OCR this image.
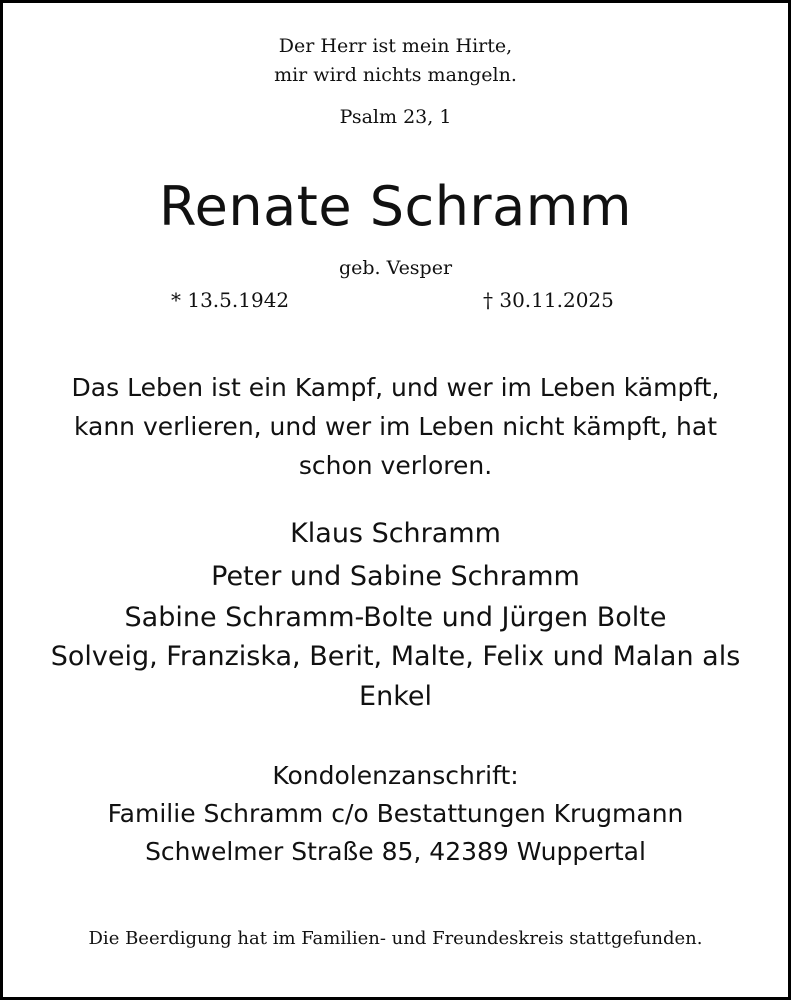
Der Herr ist mein Hirte,
mir wird nichts mangeln.
Psalm 23, 1
Renate Schramm
geb. Vesper
* 13.5.1942	† 30.11.2025
Das Leben ist ein Kampf, und wer im Leben kämpft,
kann verlieren, und wer im Leben nicht kämpft, hat
schon verloren.
Klaus Schramm
Peter und Sabine Schramm
Sabine Schramm-Bolte und Jürgen Bolte
Solveig, Franziska, Berit, Malte, Felix und Malan als
Enkel
Kondolenzanschrift:
Familie Schramm c/o Bestattungen Krugmann
Schwelmer Straße 85, 42389 Wuppertal
Die Beerdigung hat im Familien- und Freundeskreis stattgefunden.
